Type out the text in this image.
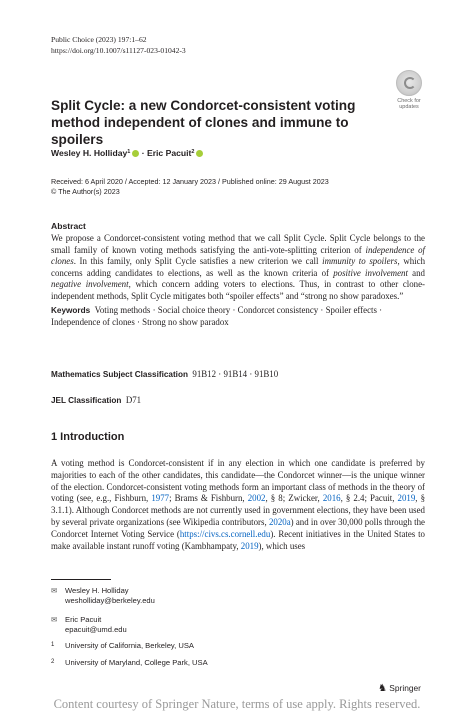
Public Choice (2023) 197:1–62
https://doi.org/10.1007/s11127-023-01042-3
Check for
updates
Split Cycle: a new Condorcet-consistent voting method independent of clones and immune to spoilers
Wesley H. Holliday$^1$ · Eric Pacuit$^2$
Received: 6 April 2020 / Accepted: 12 January 2023 / Published online: 29 August 2023
© The Author(s) 2023
Abstract
We propose a Condorcet-consistent voting method that we call Split Cycle. Split Cycle belongs to the small family of known voting methods satisfying the anti-vote-splitting criterion of independence of clones. In this family, only Split Cycle satisfies a new criterion we call immunity to spoilers, which concerns adding candidates to elections, as well as the known criteria of positive involvement and negative involvement, which concern adding voters to elections. Thus, in contrast to other clone-independent methods, Split Cycle mitigates both “spoiler effects” and “strong no show paradoxes.”
Keywords Voting methods · Social choice theory · Condorcet consistency · Spoiler effects · Independence of clones · Strong no show paradox
Mathematics Subject Classification 91B12 · 91B14 · 91B10
JEL Classification D71
1 Introduction
A voting method is Condorcet-consistent if in any election in which one candidate is preferred by majorities to each of the other candidates, this candidate—the Condorcet winner—is the unique winner of the election. Condorcet-consistent voting methods form an important class of methods in the theory of voting (see, e.g., Fishburn, 1977; Brams & Fishburn, 2002, § 8; Zwicker, 2016, § 2.4; Pacuit, 2019, § 3.1.1). Although Condorcet methods are not currently used in government elections, they have been used by several private organizations (see Wikipedia contributors, 2020a) and in over 30,000 polls through the Condorcet Internet Voting Service (https://civs.cs.cornell.edu). Recent initiatives in the United States to make available instant runoff voting (Kambhampaty, 2019), which uses
✉ Wesley H. Holliday
wesholliday@berkeley.edu
✉ Eric Pacuit
epacuit@umd.edu
1 University of California, Berkeley, USA
2 University of Maryland, College Park, USA
♞ Springer
Content courtesy of Springer Nature, terms of use apply. Rights reserved.
